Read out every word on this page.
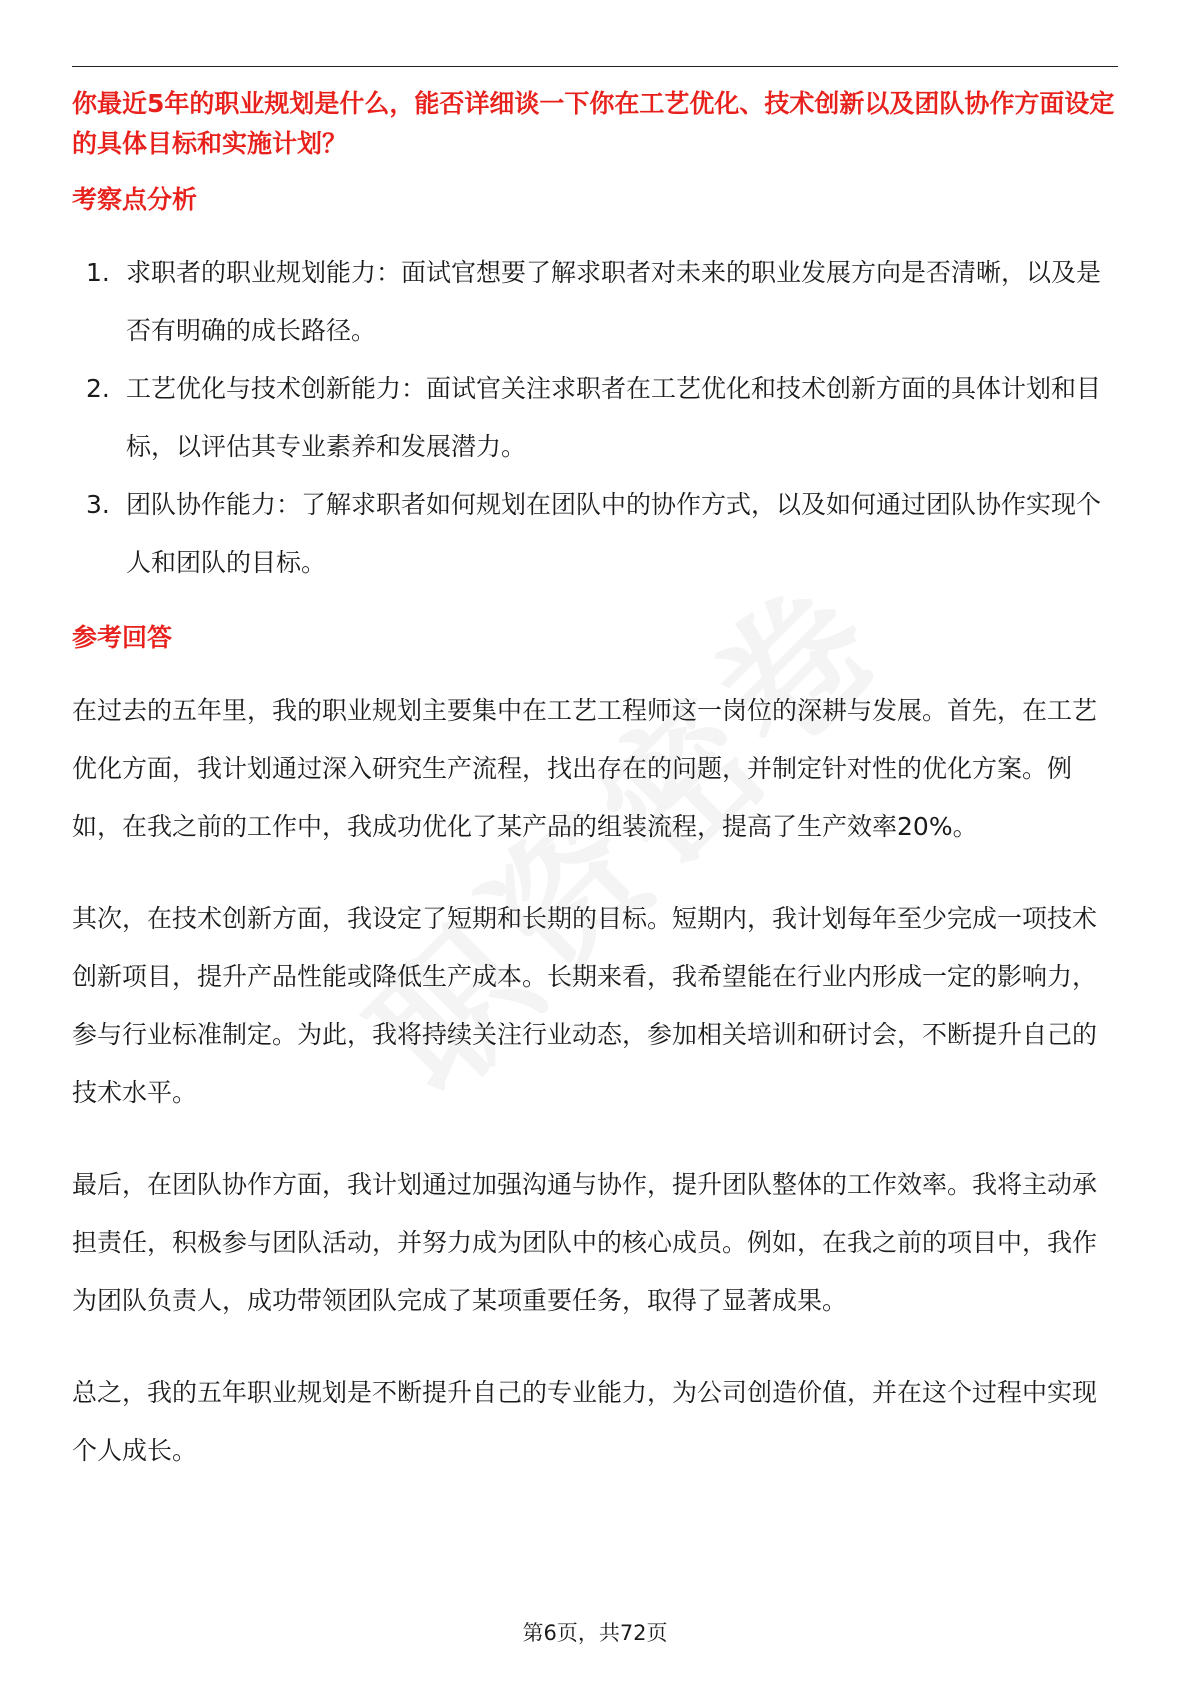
你最近5年的职业规划是什么，能否详细谈一下你在工艺优化、技术创新以及团队协作方面设定的具体目标和实施计划？

考察点分析
1. 求职者的职业规划能力：面试官想要了解求职者对未来的职业发展方向是否清晰，以及是否有明确的成长路径。
2. 工艺优化与技术创新能力：面试官关注求职者在工艺优化和技术创新方面的具体计划和目标，以评估其专业素养和发展潜力。
3. 团队协作能力：了解求职者如何规划在团队中的协作方式，以及如何通过团队协作实现个人和团队的目标。
参考回答

在过去的五年里，我的职业规划主要集中在工艺工程师这一岗位的深耕与发展。首先，在工艺优化方面，我计划通过深入研究生产流程，找出存在的问题，并制定针对性的优化方案。例如，在我之前的工作中，我成功优化了某产品的组装流程，提高了生产效率20%。

其次，在技术创新方面，我设定了短期和长期的目标。短期内，我计划每年至少完成一项技术创新项目，提升产品性能或降低生产成本。长期来看，我希望能在行业内形成一定的影响力，参与行业标准制定。为此，我将持续关注行业动态，参加相关培训和研讨会，不断提升自己的技术水平。

最后，在团队协作方面，我计划通过加强沟通与协作，提升团队整体的工作效率。我将主动承担责任，积极参与团队活动，并努力成为团队中的核心成员。例如，在我之前的项目中，我作为团队负责人，成功带领团队完成了某项重要任务，取得了显著成果。

总之，我的五年职业规划是不断提升自己的专业能力，为公司创造价值，并在这个过程中实现个人成长。

第6页，共72页
